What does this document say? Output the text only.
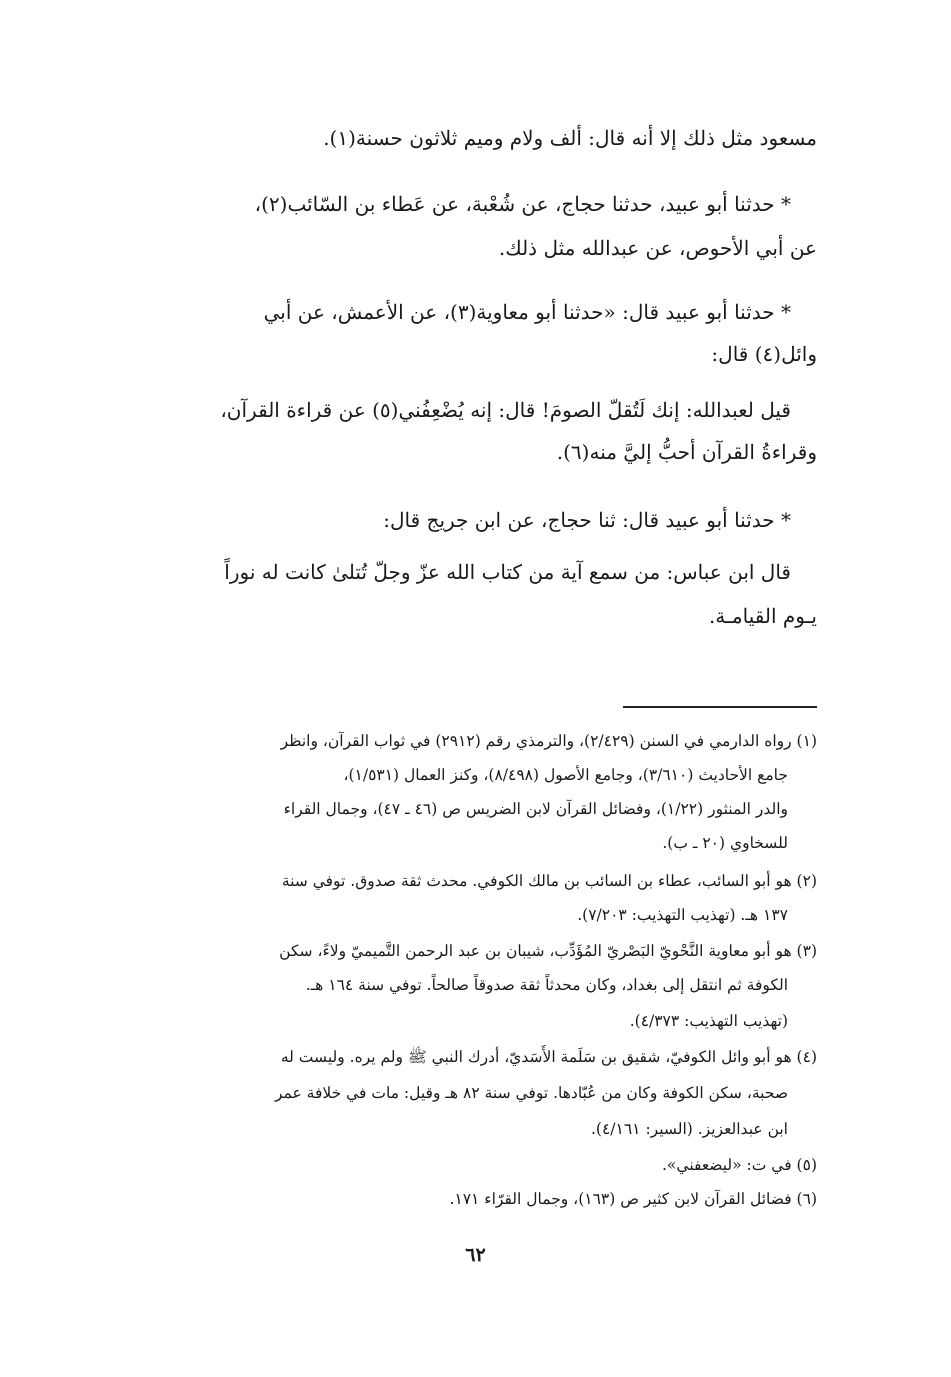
مسعود مثل ذلك إلا أنه قال: ألف ولام وميم ثلاثون حسنة(١).
* حدثنا أبو عبيد، حدثنا حجاج، عن شُعْبة، عن عَطاء بن السّائب(٢)،
عن أبي الأحوص، عن عبدالله مثل ذلك.
* حدثنا أبو عبيد قال: «حدثنا أبو معاوية(٣)، عن الأعمش، عن أبي
وائل(٤) قال:
قيل لعبدالله: إنك لَتُقلّ الصومَ! قال: إنه يُضْعِفُني(٥) عن قراءة القرآن،
وقراءةُ القرآن أحبُّ إليَّ منه(٦).
* حدثنا أبو عبيد قال: ثنا حجاج، عن ابن جريج قال:
قال ابن عباس: من سمع آية من كتاب الله عزّ وجلّ تُتلىٰ كانت له نوراً
يـوم القيامـة.
(١) رواه الدارمي في السنن (٢/٤٢٩)، والترمذي رقم (٢٩١٢) في ثواب القرآن، وانظر
جامع الأحاديث (٣/٦١٠)، وجامع الأصول (٨/٤٩٨)، وكنز العمال (١/٥٣١)،
والدر المنثور (١/٢٢)، وفضائل القرآن لابن الضريس ص (٤٦ ـ ٤٧)، وجمال القراء
للسخاوي (٢٠ ـ ب).
(٢) هو أبو السائب، عطاء بن السائب بن مالك الكوفي. محدث ثقة صدوق. توفي سنة
١٣٧ هـ. (تهذيب التهذيب: ٧/٢٠٣).
(٣) هو أبو معاوية النَّحْويّ البَصْريّ المُؤَدِّب، شيبان بن عبد الرحمن التَّميميّ ولاءً، سكن
الكوفة ثم انتقل إلى بغداد، وكان محدثاً ثقة صدوقاً صالحاً. توفي سنة ١٦٤ هـ.
(تهذيب التهذيب: ٤/٣٧٣).
(٤) هو أبو وائل الكوفيّ، شقيق بن سَلَمة الأَسَديّ، أدرك النبي ﷺ ولم يره. وليست له
صحبة، سكن الكوفة وكان من عُبّادها. توفي سنة ٨٢ هـ وقيل: مات في خلافة عمر
ابن عبدالعزيز. (السير: ٤/١٦١).
(٥) في ت: «ليضعفني».
(٦) فضائل القرآن لابن كثير ص (١٦٣)، وجمال القرّاء ١٧١.
٦٢
